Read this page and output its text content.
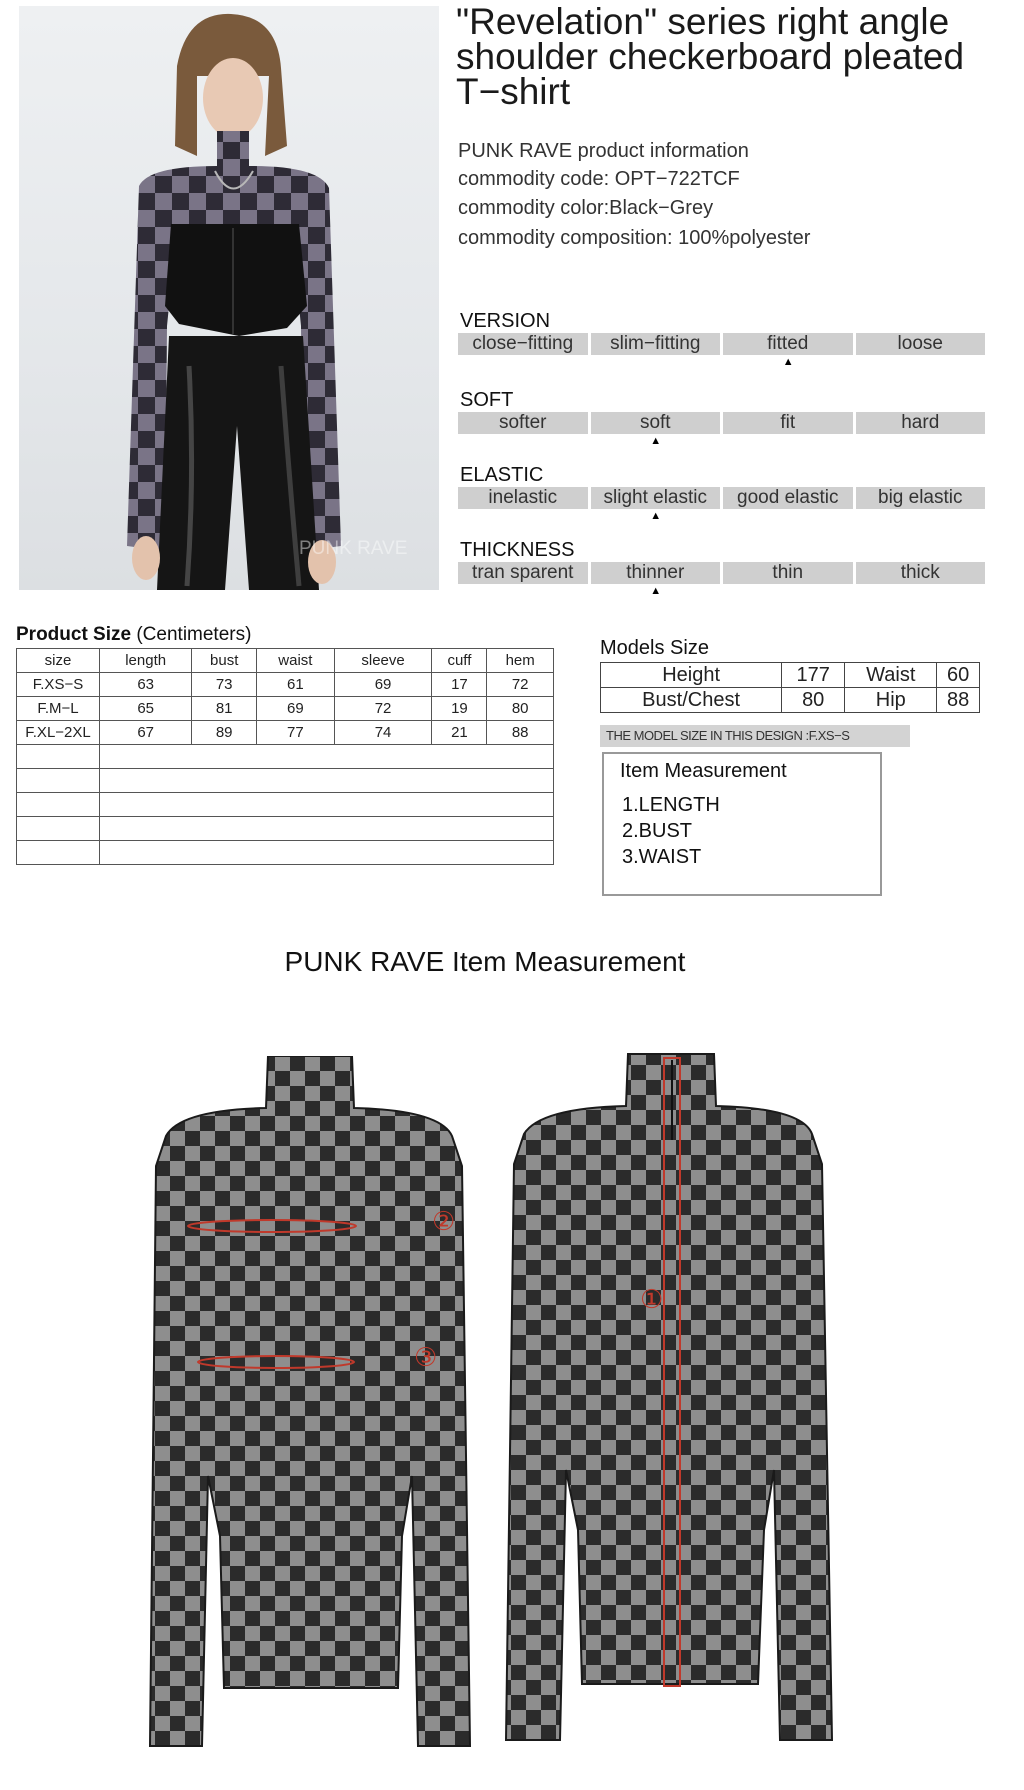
PUNK RAVE
"Revelation" series right angle shoulder checkerboard pleated T−shirt
PUNK RAVE product information
commodity code: OPT−722TCF
commodity color:Black−Grey
commodity composition: 100%polyester
VERSION
close−fitting	slim−fitting	fitted
▲
loose
SOFT
softer	soft
▲
fit	hard
ELASTIC
inelastic	slight elastic
▲
good elastic	big elastic
THICKNESS
tran sparent	thinner
▲
thin	thick
Product Size (Centimeters)
size	length	bust	waist	sleeve	cuff	hem
F.XS−S	63	73	61	69	17	72
F.M−L	65	81	69	72	19	80
F.XL−2XL	67	89	77	74	21	88

Models Size
Height	177	Waist	60
Bust/Chest	80	Hip	88
THE MODEL SIZE IN THIS DESIGN :F.XS−S
Item Measurement
1.LENGTH
2.BUST
3.WAIST
PUNK RAVE Item Measurement
②
③
①
